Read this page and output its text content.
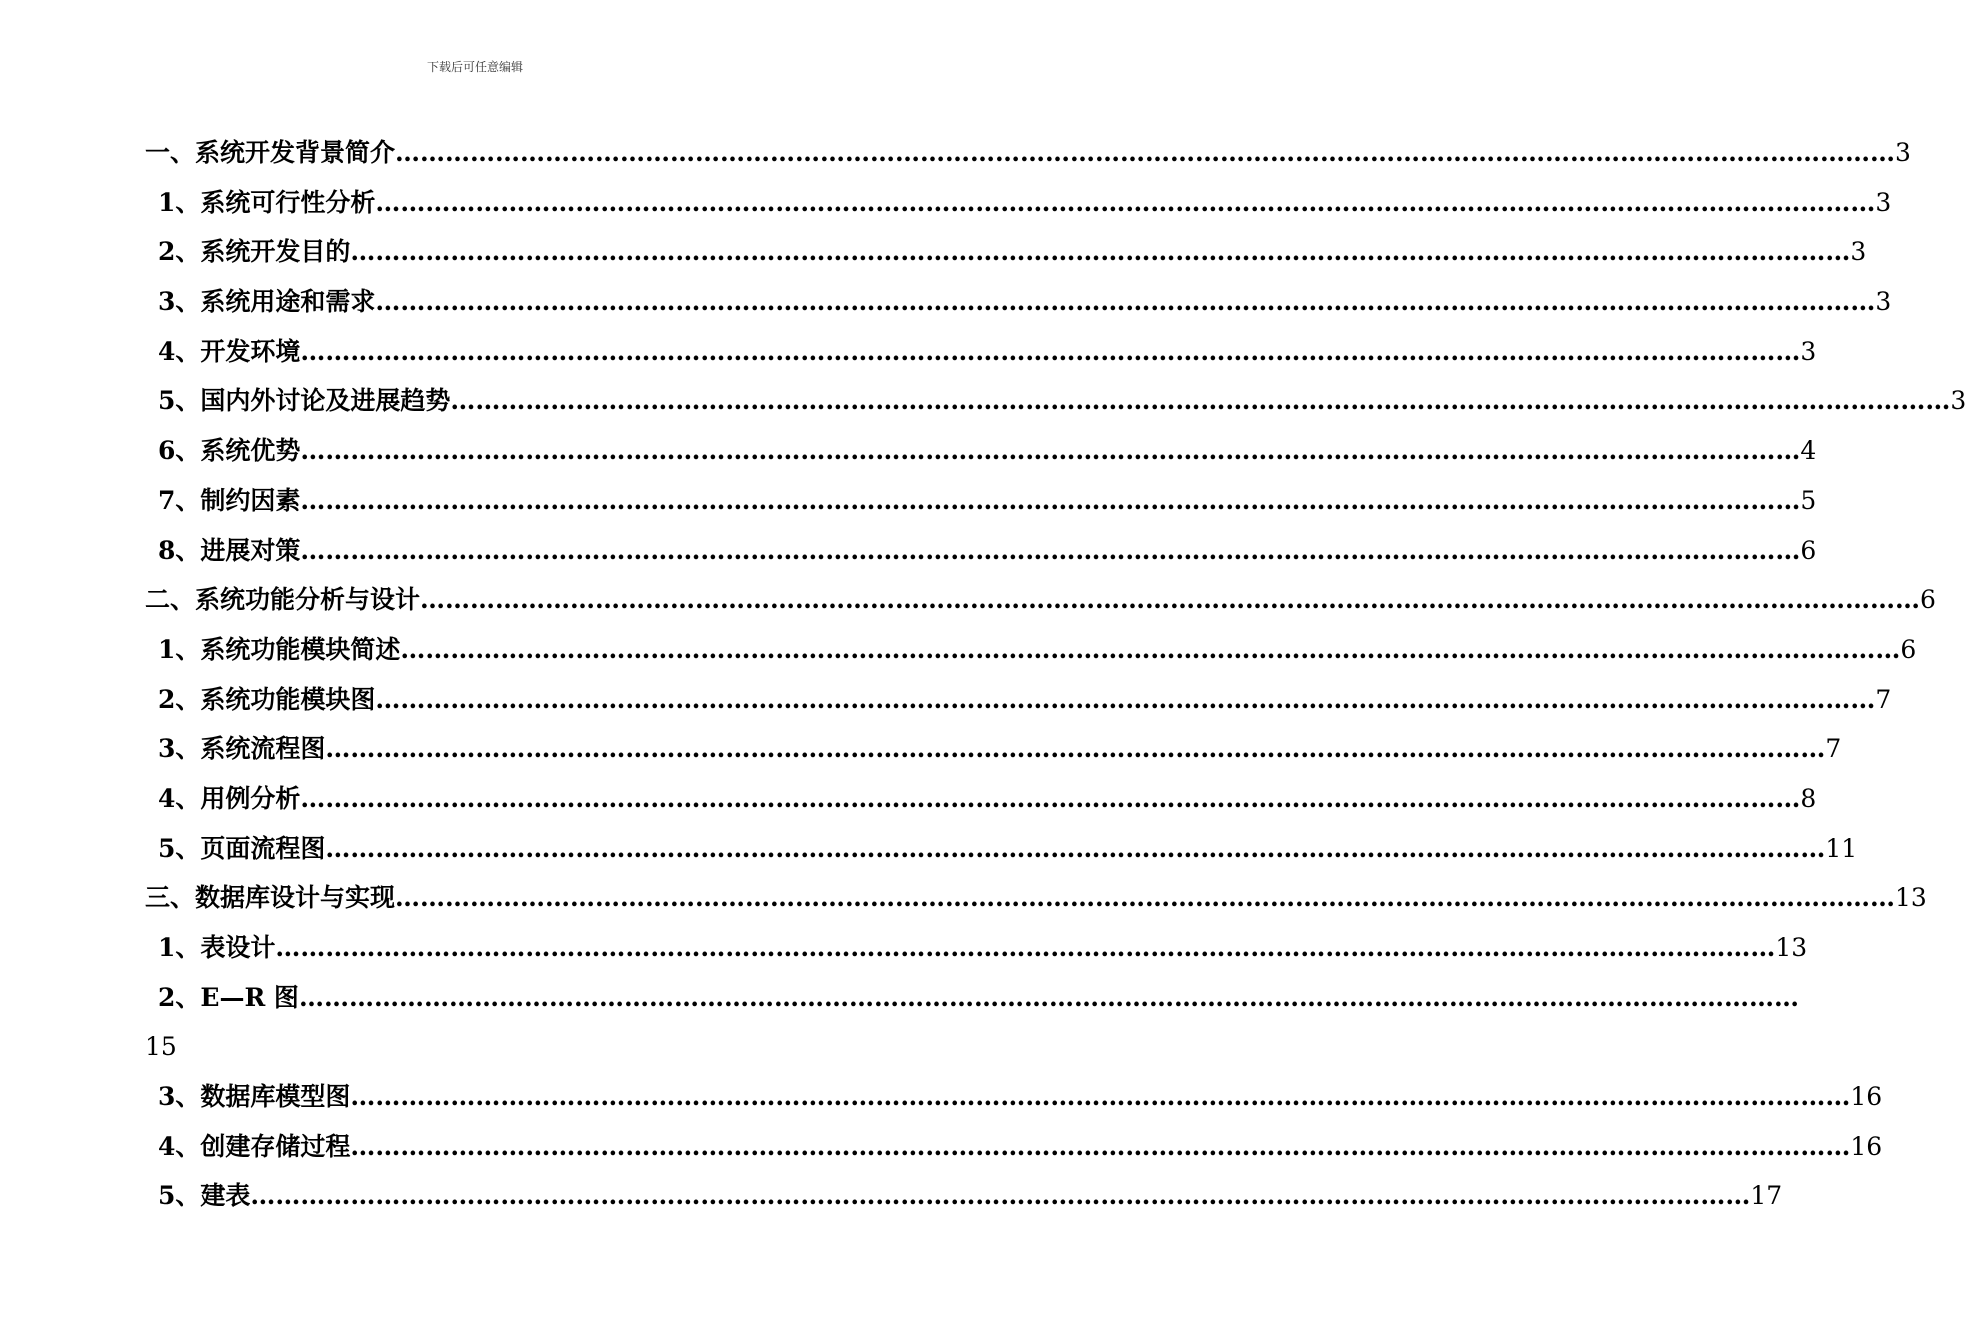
下载后可任意编辑
一、系统开发背景简介 ……………………………………………………………………………………………………………………………………………………………… 3
1、系统可行性分析 ……………………………………………………………………………………………………………………………………………………………… 3
2、系统开发目的 ……………………………………………………………………………………………………………………………………………………………… 3
3、系统用途和需求 ……………………………………………………………………………………………………………………………………………………………… 3
4、开发环境 ……………………………………………………………………………………………………………………………………………………………… 3
5、国内外讨论及进展趋势 ……………………………………………………………………………………………………………………………………………………………… 3
6、系统优势 ……………………………………………………………………………………………………………………………………………………………… 4
7、制约因素 ……………………………………………………………………………………………………………………………………………………………… 5
8、进展对策 ……………………………………………………………………………………………………………………………………………………………… 6
二、系统功能分析与设计 ……………………………………………………………………………………………………………………………………………………………… 6
1、系统功能模块简述 ……………………………………………………………………………………………………………………………………………………………… 6
2、系统功能模块图 ……………………………………………………………………………………………………………………………………………………………… 7
3、系统流程图 ……………………………………………………………………………………………………………………………………………………………… 7
4、用例分析 ……………………………………………………………………………………………………………………………………………………………… 8
5、页面流程图 ……………………………………………………………………………………………………………………………………………………………… 11
三、数据库设计与实现 ……………………………………………………………………………………………………………………………………………………………… 13
1、表设计 ……………………………………………………………………………………………………………………………………………………………… 13
2、E—R 图 ………………………………………………………………………………………………………………………………………………………………
15
3、数据库模型图 ……………………………………………………………………………………………………………………………………………………………… 16
4、创建存储过程 ……………………………………………………………………………………………………………………………………………………………… 16
5、建表 ……………………………………………………………………………………………………………………………………………………………… 17
